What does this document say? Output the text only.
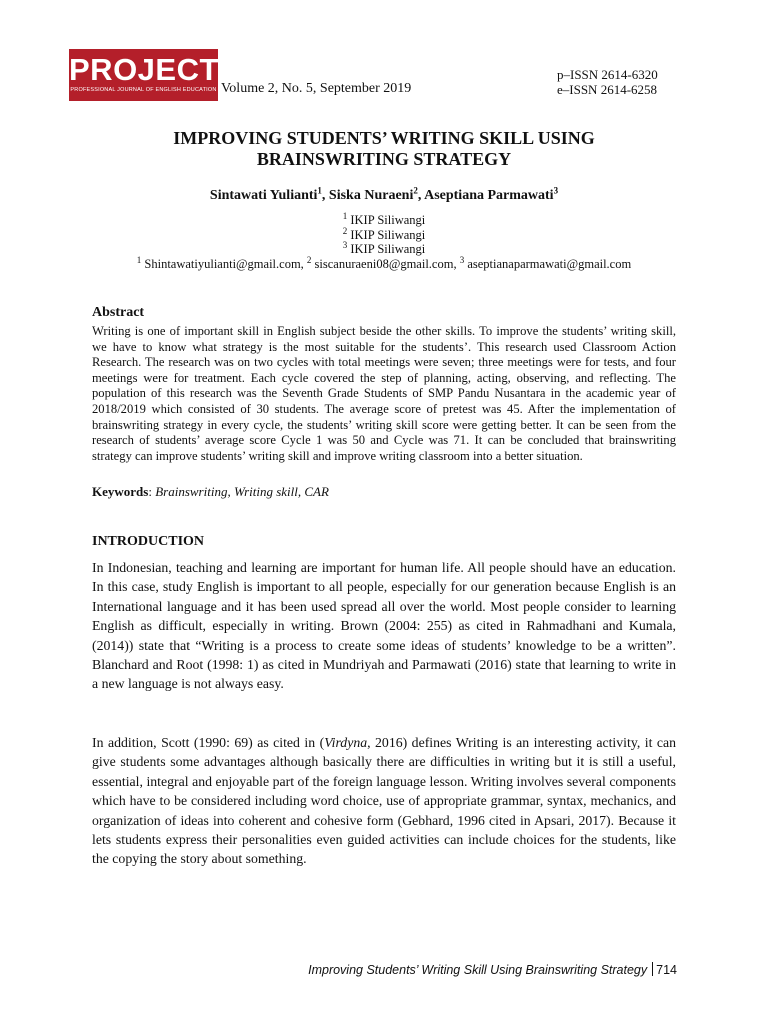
PROJECT
PROFESSIONAL JOURNAL OF ENGLISH EDUCATION Volume 2, No. 5, September 2019
p–ISSN 2614-6320
e–ISSN 2614-6258
IMPROVING STUDENTS’ WRITING SKILL USING
BRAINSWRITING STRATEGY
Sintawati Yulianti$^1$, Siska Nuraeni$^2$, Aseptiana Parmawati$^3$
$^1$ IKIP Siliwangi
$^2$ IKIP Siliwangi
$^3$ IKIP Siliwangi
$^1$ Shintawatiyulianti@gmail.com, $^2$ siscanuraeni08@gmail.com, $^3$ aseptianaparmawati@gmail.com
Abstract

Writing is one of important skill in English subject beside the other skills. To improve the students’ writing skill, we have to know what strategy is the most suitable for the students’. This research used Classroom Action Research. The research was on two cycles with total meetings were seven; three meetings were for tests, and four meetings were for treatment. Each cycle covered the step of planning, acting, observing, and reflecting. The population of this research was the Seventh Grade Students of SMP Pandu Nusantara in the academic year of 2018/2019 which consisted of 30 students. The average score of pretest was 45. After the implementation of brainswriting strategy in every cycle, the students’ writing skill score were getting better. It can be seen from the research of students’ average score Cycle 1 was 50 and Cycle was 71. It can be concluded that brainswriting strategy can improve students’ writing skill and improve writing classroom into a better situation.

Keywords: Brainswriting, Writing skill, CAR
INTRODUCTION

In Indonesian, teaching and learning are important for human life. All people should have an education. In this case, study English is important to all people, especially for our generation because English is an International language and it has been used spread all over the world. Most people consider to learning English as difficult, especially in writing. Brown (2004: 255) as cited in Rahmadhani and Kumala, (2014)) state that “Writing is a process to create some ideas of students’ knowledge to be a written”. Blanchard and Root (1998: 1) as cited in Mundriyah and Parmawati (2016) state that learning to write in a new language is not always easy.

In addition, Scott (1990: 69) as cited in (Virdyna, 2016) defines Writing is an interesting activity, it can give students some advantages although basically there are difficulties in writing but it is still a useful, essential, integral and enjoyable part of the foreign language lesson. Writing involves several components which have to be considered including word choice, use of appropriate grammar, syntax, mechanics, and organization of ideas into coherent and cohesive form (Gebhard, 1996 cited in Apsari, 2017). Because it lets students express their personalities even guided activities can include choices for the students, like the copying the story about something.

Improving Students’ Writing Skill Using Brainswriting Strategy 714
